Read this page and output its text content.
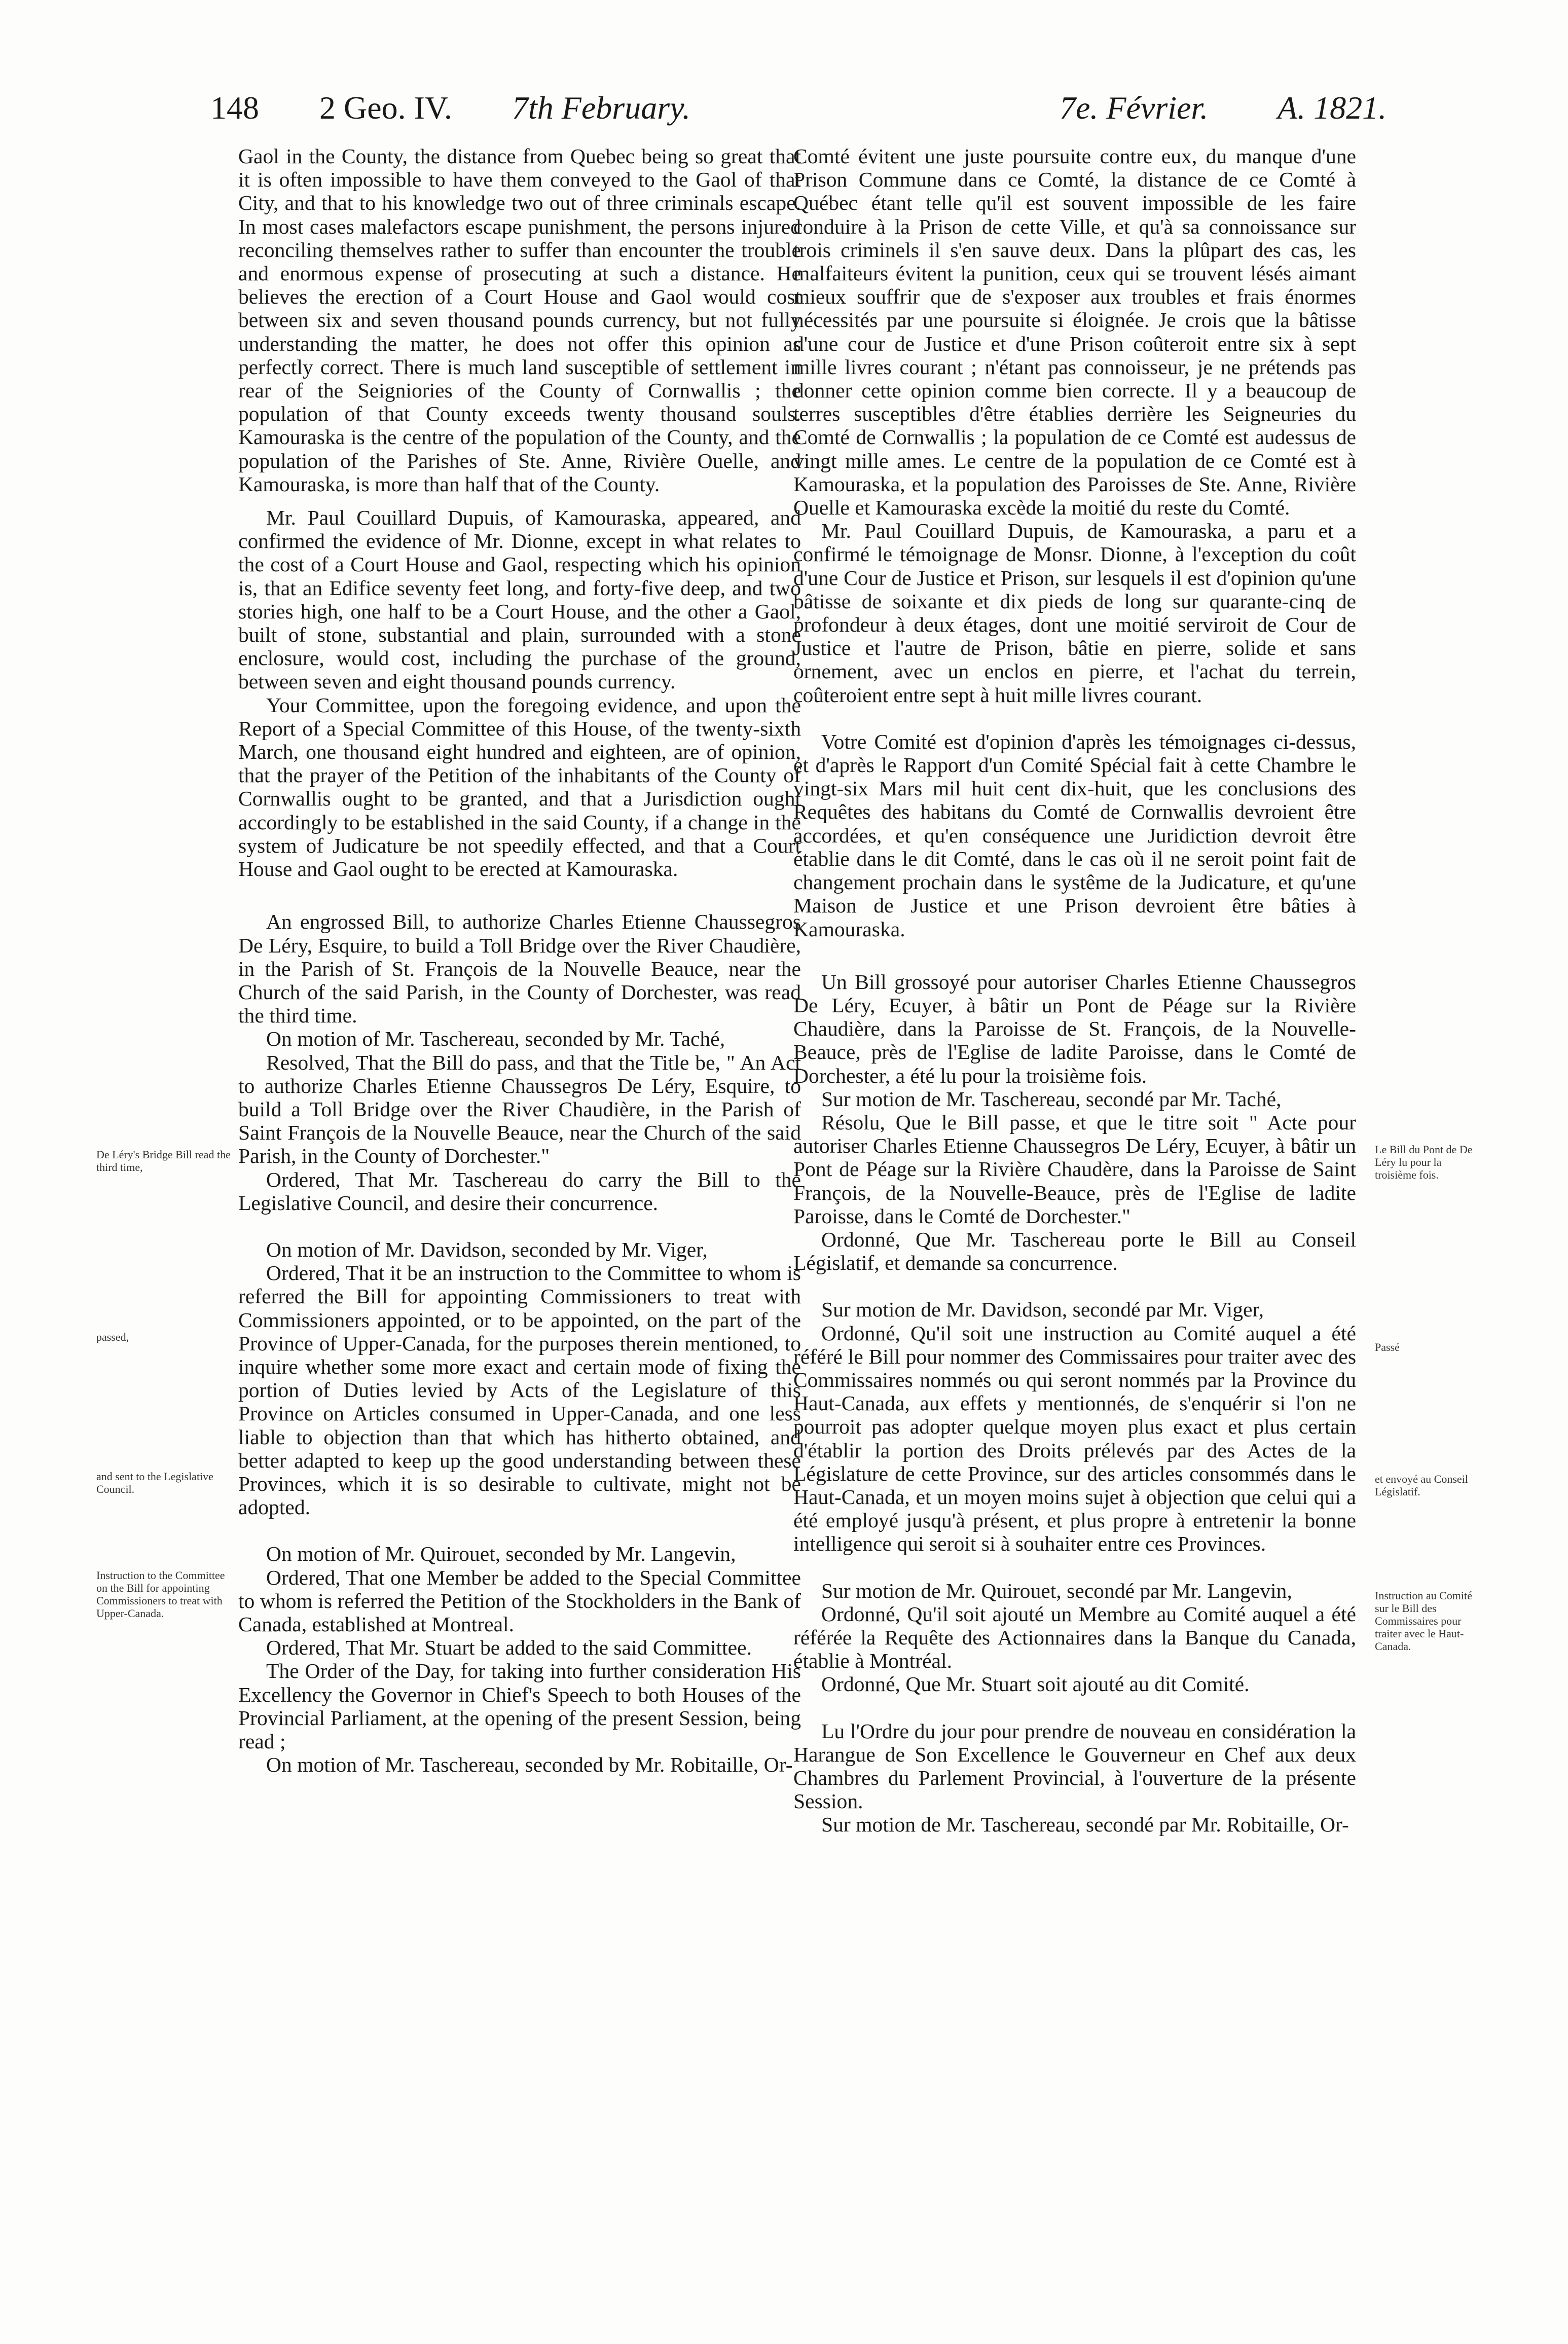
148 2 Geo. IV. 7th February.	7e. Février. A. 1821.

Gaol in the County, the distance from Quebec being so great that it is often impossible to have them conveyed to the Gaol of that City, and that to his knowledge two out of three criminals escape. In most cases malefactors escape punishment, the persons injured reconciling themselves rather to suffer than encounter the trouble and enormous expense of prosecuting at such a distance. He believes the erection of a Court House and Gaol would cost between six and seven thousand pounds currency, but not fully understanding the matter, he does not offer this opinion as perfectly correct. There is much land susceptible of settlement in rear of the Seigniories of the County of Cornwallis ; the population of that County exceeds twenty thousand souls. Kamouraska is the centre of the population of the County, and the population of the Parishes of Ste. Anne, Rivière Ouelle, and Kamouraska, is more than half that of the County.

Mr. Paul Couillard Dupuis, of Kamouraska, appeared, and confirmed the evidence of Mr. Dionne, except in what relates to the cost of a Court House and Gaol, respecting which his opinion is, that an Edifice seventy feet long, and forty-five deep, and two stories high, one half to be a Court House, and the other a Gaol, built of stone, substantial and plain, surrounded with a stone enclosure, would cost, including the purchase of the ground, between seven and eight thousand pounds currency.

Your Committee, upon the foregoing evidence, and upon the Report of a Special Committee of this House, of the twenty-sixth March, one thousand eight hundred and eighteen, are of opinion, that the prayer of the Petition of the inhabitants of the County of Cornwallis ought to be granted, and that a Jurisdiction ought accordingly to be established in the said County, if a change in the system of Judicature be not speedily effected, and that a Court House and Gaol ought to be erected at Kamouraska.

An engrossed Bill, to authorize Charles Etienne Chaussegros De Léry, Esquire, to build a Toll Bridge over the River Chaudière, in the Parish of St. François de la Nouvelle Beauce, near the Church of the said Parish, in the County of Dorchester, was read the third time.

On motion of Mr. Taschereau, seconded by Mr. Taché,

Resolved, That the Bill do pass, and that the Title be, " An Act to authorize Charles Etienne Chaussegros De Léry, Esquire, to build a Toll Bridge over the River Chaudière, in the Parish of Saint François de la Nouvelle Beauce, near the Church of the said Parish, in the County of Dorchester."

Ordered, That Mr. Taschereau do carry the Bill to the Legislative Council, and desire their concurrence.

On motion of Mr. Davidson, seconded by Mr. Viger,

Ordered, That it be an instruction to the Committee to whom is referred the Bill for appointing Commissioners to treat with Commissioners appointed, or to be appointed, on the part of the Province of Upper-Canada, for the purposes therein mentioned, to inquire whether some more exact and certain mode of fixing the portion of Duties levied by Acts of the Legislature of this Province on Articles consumed in Upper-Canada, and one less liable to objection than that which has hitherto obtained, and better adapted to keep up the good understanding between these Provinces, which it is so desirable to cultivate, might not be adopted.

On motion of Mr. Quirouet, seconded by Mr. Langevin,

Ordered, That one Member be added to the Special Committee to whom is referred the Petition of the Stockholders in the Bank of Canada, established at Montreal.

Ordered, That Mr. Stuart be added to the said Committee.

The Order of the Day, for taking into further consideration His Excellency the Governor in Chief's Speech to both Houses of the Provincial Parliament, at the opening of the present Session, being read ;

On motion of Mr. Taschereau, seconded by Mr. Robitaille, Or-

Comté évitent une juste poursuite contre eux, du manque d'une Prison Commune dans ce Comté, la distance de ce Comté à Québec étant telle qu'il est souvent impossible de les faire conduire à la Prison de cette Ville, et qu'à sa connoissance sur trois criminels il s'en sauve deux. Dans la plûpart des cas, les malfaiteurs évitent la punition, ceux qui se trouvent lésés aimant mieux souffrir que de s'exposer aux troubles et frais énormes nécessités par une poursuite si éloignée. Je crois que la bâtisse d'une cour de Justice et d'une Prison coûteroit entre six à sept mille livres courant ; n'étant pas connoisseur, je ne prétends pas donner cette opinion comme bien correcte. Il y a beaucoup de terres susceptibles d'être établies derrière les Seigneuries du Comté de Cornwallis ; la population de ce Comté est audessus de vingt mille ames. Le centre de la population de ce Comté est à Kamouraska, et la population des Paroisses de Ste. Anne, Rivière Ouelle et Kamouraska excède la moitié du reste du Comté.

Mr. Paul Couillard Dupuis, de Kamouraska, a paru et a confirmé le témoignage de Monsr. Dionne, à l'exception du coût d'une Cour de Justice et Prison, sur lesquels il est d'opinion qu'une bâtisse de soixante et dix pieds de long sur quarante-cinq de profondeur à deux étages, dont une moitié serviroit de Cour de Justice et l'autre de Prison, bâtie en pierre, solide et sans ornement, avec un enclos en pierre, et l'achat du terrein, coûteroient entre sept à huit mille livres courant.

Votre Comité est d'opinion d'après les témoignages ci-dessus, et d'après le Rapport d'un Comité Spécial fait à cette Chambre le vingt-six Mars mil huit cent dix-huit, que les conclusions des Requêtes des habitans du Comté de Cornwallis devroient être accordées, et qu'en conséquence une Juridiction devroit être établie dans le dit Comté, dans le cas où il ne seroit point fait de changement prochain dans le systême de la Judicature, et qu'une Maison de Justice et une Prison devroient être bâties à Kamouraska.

Un Bill grossoyé pour autoriser Charles Etienne Chaussegros De Léry, Ecuyer, à bâtir un Pont de Péage sur la Rivière Chaudière, dans la Paroisse de St. François, de la Nouvelle-Beauce, près de l'Eglise de ladite Paroisse, dans le Comté de Dorchester, a été lu pour la troisième fois.

Sur motion de Mr. Taschereau, secondé par Mr. Taché,

Résolu, Que le Bill passe, et que le titre soit " Acte pour autoriser Charles Etienne Chaussegros De Léry, Ecuyer, à bâtir un Pont de Péage sur la Rivière Chaudère, dans la Paroisse de Saint François, de la Nouvelle-Beauce, près de l'Eglise de ladite Paroisse, dans le Comté de Dorchester."

Ordonné, Que Mr. Taschereau porte le Bill au Conseil Législatif, et demande sa concurrence.

Sur motion de Mr. Davidson, secondé par Mr. Viger,

Ordonné, Qu'il soit une instruction au Comité auquel a été référé le Bill pour nommer des Commissaires pour traiter avec des Commissaires nommés ou qui seront nommés par la Province du Haut-Canada, aux effets y mentionnés, de s'enquérir si l'on ne pourroit pas adopter quelque moyen plus exact et plus certain d'établir la portion des Droits prélevés par des Actes de la Législature de cette Province, sur des articles consommés dans le Haut-Canada, et un moyen moins sujet à objection que celui qui a été employé jusqu'à présent, et plus propre à entretenir la bonne intelligence qui seroit si à souhaiter entre ces Provinces.

Sur motion de Mr. Quirouet, secondé par Mr. Langevin,

Ordonné, Qu'il soit ajouté un Membre au Comité auquel a été référée la Requête des Actionnaires dans la Banque du Canada, établie à Montréal.

Ordonné, Que Mr. Stuart soit ajouté au dit Comité.

Lu l'Ordre du jour pour prendre de nouveau en considération la Harangue de Son Excellence le Gouverneur en Chef aux deux Chambres du Parlement Provincial, à l'ouverture de la présente Session.

Sur motion de Mr. Taschereau, secondé par Mr. Robitaille, Or-

De Léry's Bridge Bill read the third time,
passed,
and sent to the Legislative Council.
Instruction to the Committee on the Bill for appointing Commissioners to treat with Upper-Canada.
Le Bill du Pont de De Léry lu pour la troisième fois.
Passé
et envoyé au Conseil Législatif.
Instruction au Comité sur le Bill des Commissaires pour traiter avec le Haut-Canada.
